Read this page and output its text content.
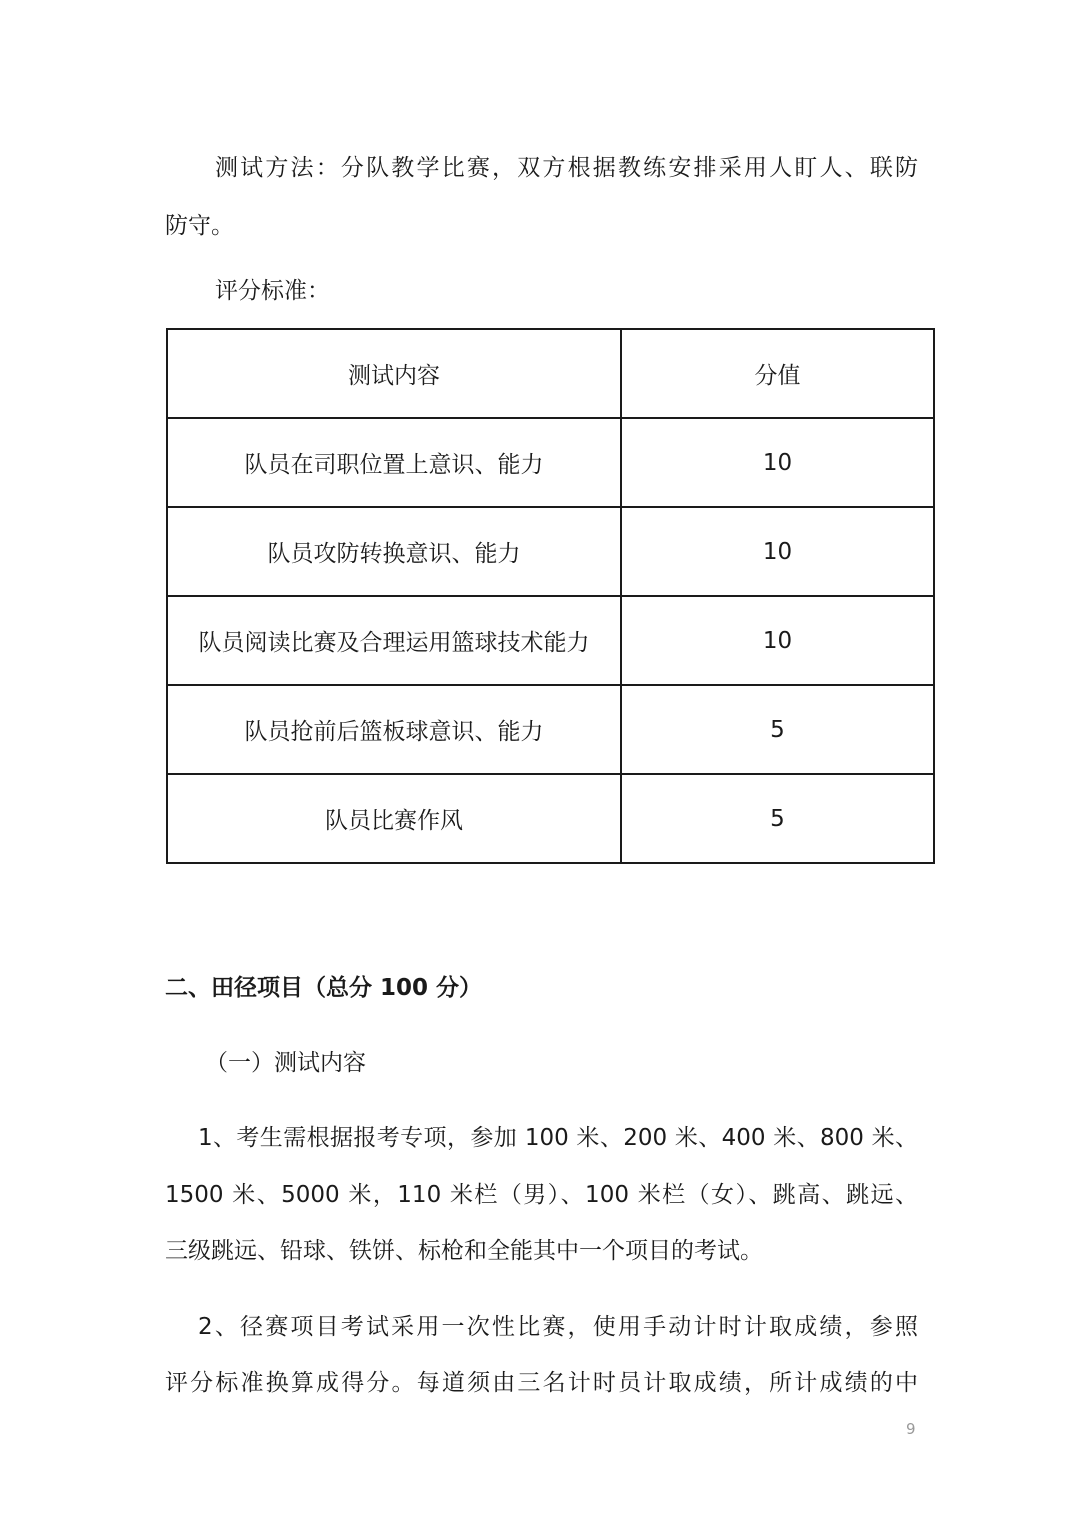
测试方法：分队教学比赛，双方根据教练安排采用人盯人、联防
防守。
评分标准：
测试内容	分值
队员在司职位置上意识、能力	10
队员攻防转换意识、能力	10
队员阅读比赛及合理运用篮球技术能力	10
队员抢前后篮板球意识、能力	5
队员比赛作风	5
二、田径项目（总分 100 分）
（一）测试内容
1、考生需根据报考专项，参加 100 米、200 米、400 米、800 米、
1500 米、5000 米，110 米栏（男）、100 米栏（女）、跳高、跳远、
三级跳远、铅球、铁饼、标枪和全能其中一个项目的考试。
2、径赛项目考试采用一次性比赛，使用手动计时计取成绩，参照
评分标准换算成得分。每道须由三名计时员计取成绩，所计成绩的中
9
